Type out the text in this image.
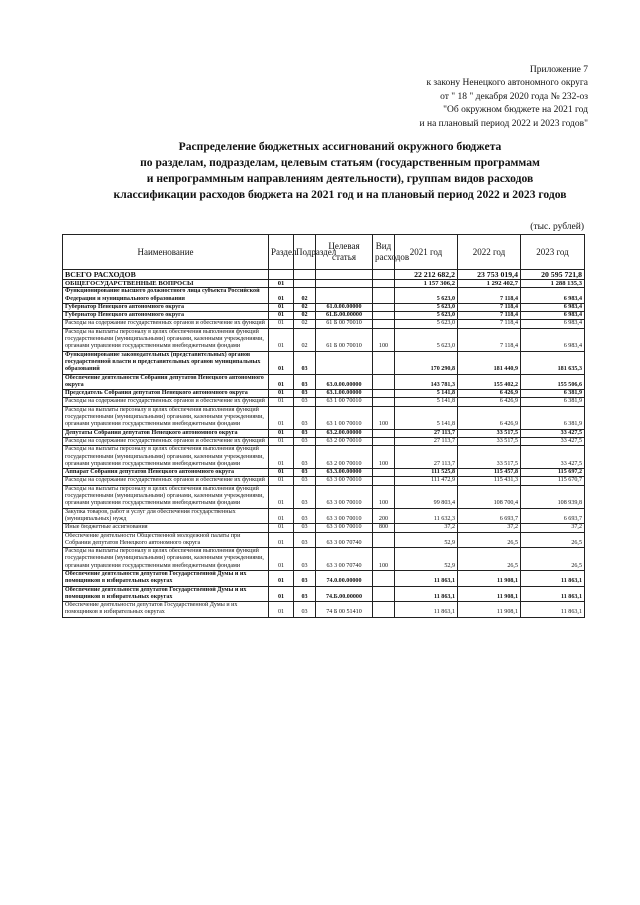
Приложение 7
к закону Ненецкого автономного округа
от " 18 " декабря 2020 года № 232-оз
"Об окружном бюджете на 2021 год
и на плановый период 2022 и 2023 годов"
Распределение бюджетных ассигнований окружного бюджета
по разделам, подразделам, целевым статьям (государственным программам
и непрограммным направлениям деятельности), группам видов расходов
классификации расходов бюджета на 2021 год и на плановый период 2022 и 2023 годов
(тыс. рублей)
Наименование	Раздел	Подраздел	Целевая статья	Вид расходов	2021 год	2022 год	2023 год
ВСЕГО РАСХОДОВ					22 212 682,2	23 753 019,4	20 595 721,8
ОБЩЕГОСУДАРСТВЕННЫЕ ВОПРОСЫ	01				1 157 306,2	1 292 402,7	1 288 135,3
Функционирование высшего должностного лица субъекта Российской Федерации и муниципального образования	01	02			5 623,0	7 118,4	6 983,4
Губернатор Ненецкого автономного округа	01	02	61.0.00.00000		5 623,0	7 118,4	6 983,4
Губернатор Ненецкого автономного округа	01	02	61.Б.00.00000		5 623,0	7 118,4	6 983,4
Расходы на содержание государственных органов и обеспечение их функций	01	02	61 Б 00 70010		5 623,0	7 118,4	6 983,4
Расходы на выплаты персоналу в целях обеспечения выполнения функций государственными (муниципальными) органами, казенными учреждениями, органами управления государственными внебюджетными фондами	01	02	61 Б 00 70010	100	5 623,0	7 118,4	6 983,4
Функционирование законодательных (представительных) органов государственной власти и представительных органов муниципальных образований	01	03			170 290,8	181 440,9	181 635,3
Обеспечение деятельности Собрания депутатов Ненецкого автономного округа	01	03	63.0.00.00000		143 781,3	155 402,2	155 506,6
Председатель Собрания депутатов Ненецкого автономного округа	01	03	63.1.00.00000		5 141,8	6 426,9	6 381,9
Расходы на содержание государственных органов и обеспечение их функций	01	03	63 1 00 70010		5 141,8	6 426,9	6 381,9
Расходы на выплаты персоналу в целях обеспечения выполнения функций государственными (муниципальными) органами, казенными учреждениями, органами управления государственными внебюджетными фондами	01	03	63 1 00 70010	100	5 141,8	6 426,9	6 381,9
Депутаты Собрания депутатов Ненецкого автономного округа	01	03	63.2.00.00000		27 113,7	33 517,5	33 427,5
Расходы на содержание государственных органов и обеспечение их функций	01	03	63 2 00 70010		27 113,7	33 517,5	33 427,5
Расходы на выплаты персоналу в целях обеспечения выполнения функций государственными (муниципальными) органами, казенными учреждениями, органами управления государственными внебюджетными фондами	01	03	63 2 00 70010	100	27 113,7	33 517,5	33 427,5
Аппарат Собрания депутатов Ненецкого автономного округа	01	03	63.3.00.00000		111 525,8	115 457,8	115 697,2
Расходы на содержание государственных органов и обеспечение их функций	01	03	63 3 00 70010		111 472,9	115 431,3	115 670,7
Расходы на выплаты персоналу в целях обеспечения выполнения функций государственными (муниципальными) органами, казенными учреждениями, органами управления государственными внебюджетными фондами	01	03	63 3 00 70010	100	99 803,4	108 700,4	108 939,8
Закупка товаров, работ и услуг для обеспечения государственных (муниципальных) нужд	01	03	63 3 00 70010	200	11 632,3	6 693,7	6 693,7
Иные бюджетные ассигнования	01	03	63 3 00 70010	800	37,2	37,2	37,2
Обеспечение деятельности Общественной молодежной палаты при Собрании депутатов Ненецкого автономного округа	01	03	63 3 00 70740		52,9	26,5	26,5
Расходы на выплаты персоналу в целях обеспечения выполнения функций государственными (муниципальными) органами, казенными учреждениями, органами управления государственными внебюджетными фондами	01	03	63 3 00 70740	100	52,9	26,5	26,5
Обеспечение деятельности депутатов Государственной Думы и их помощников в избирательных округах	01	03	74.0.00.00000		11 863,1	11 908,1	11 863,1
Обеспечение деятельности депутатов Государственной Думы и их помощников в избирательных округах	01	03	74.Б.00.00000		11 863,1	11 908,1	11 863,1
Обеспечение деятельности депутатов Государственной Думы и их помощников в избирательных округах	01	03	74 Б 00 51410		11 863,1	11 908,1	11 863,1
